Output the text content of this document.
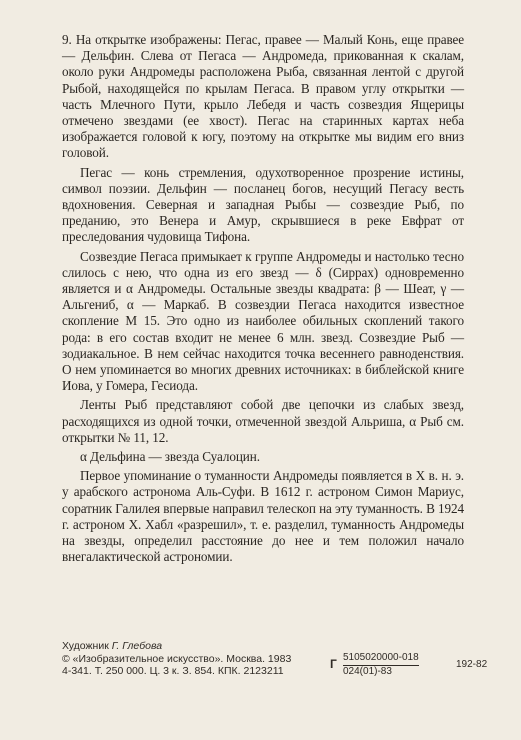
9. На открытке изображены: Пегас, правее — Малый Конь, еще правее — Дельфин. Слева от Пегаса — Андромеда, прикованная к скалам, около руки Андромеды расположена Рыба, связанная лентой с другой Рыбой, находящейся по крылам Пегаса. В правом углу открытки — часть Млечного Пути, крыло Лебедя и часть созвездия Ящерицы отмечено звездами (ее хвост). Пегас на старинных картах неба изображается головой к югу, поэтому на открытке мы видим его вниз головой.

Пегас — конь стремления, одухотворенное прозрение истины, символ поэзии. Дельфин — посланец богов, несущий Пегасу весть вдохновения. Северная и западная Рыбы — созвездие Рыб, по преданию, это Венера и Амур, скрывшиеся в реке Евфрат от преследования чудовища Тифона.

Созвездие Пегаса примыкает к группе Андромеды и настолько тесно слилось с нею, что одна из его звезд — δ (Сиррах) одновременно является и α Андромеды. Остальные звезды квадрата: β — Шеат, γ — Альгениб, α — Маркаб. В созвездии Пегаса находится известное скопление М 15. Это одно из наиболее обильных скоплений такого рода: в его состав входит не менее 6 млн. звезд. Созвездие Рыб — зодиакальное. В нем сейчас находится точка весеннего равноденствия. О нем упоминается во многих древних источниках: в библейской книге Иова, у Гомера, Гесиода.

Ленты Рыб представляют собой две цепочки из слабых звезд, расходящихся из одной точки, отмеченной звездой Альриша, α Рыб см. открытки № 11, 12.

α Дельфина — звезда Суалоцин.

Первое упоминание о туманности Андромеды появляется в X в. н. э. у арабского астронома Аль-Суфи. В 1612 г. астроном Симон Мариус, соратник Галилея впервые направил телескоп на эту туманность. В 1924 г. астроном Х. Хабл «разрешил», т. е. разделил, туманность Андромеды на звезды, определил расстояние до нее и тем положил начало внегалактической астрономии.

Художник Г. Глебова
© «Изобразительное искусство». Москва. 1983
4-341. Т. 250 000. Ц. 3 к. З. 854. КПК. 2123211
Г 5105020000-018
024(01)-83
192-82
